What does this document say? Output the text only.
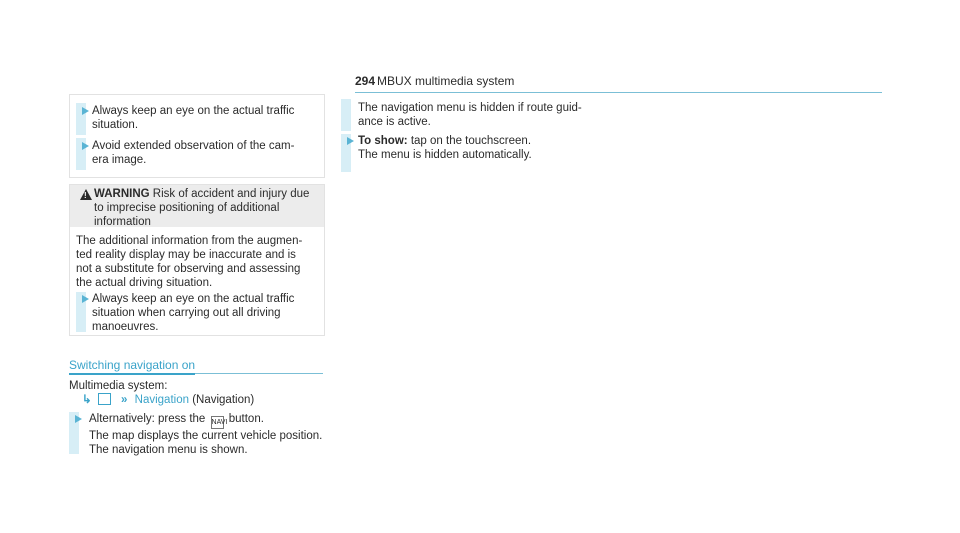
294 MBUX multimedia system
Always keep an eye on the actual traffic
situation.
Avoid extended observation of the cam-
era image.
! WARNING Risk of accident and injury due
to imprecise positioning of additional
information
The additional information from the augmen-
ted reality display may be inaccurate and is
not a substitute for observing and assessing
the actual driving situation.
Always keep an eye on the actual traffic
situation when carrying out all driving
manoeuvres.
Switching navigation on
Multimedia system:
↳	» Navigation (Navigation)
Alternatively: press the NAVI button.
The map displays the current vehicle position.
The navigation menu is shown.
The navigation menu is hidden if route guid-
ance is active.
To show: tap on the touchscreen.
The menu is hidden automatically.
